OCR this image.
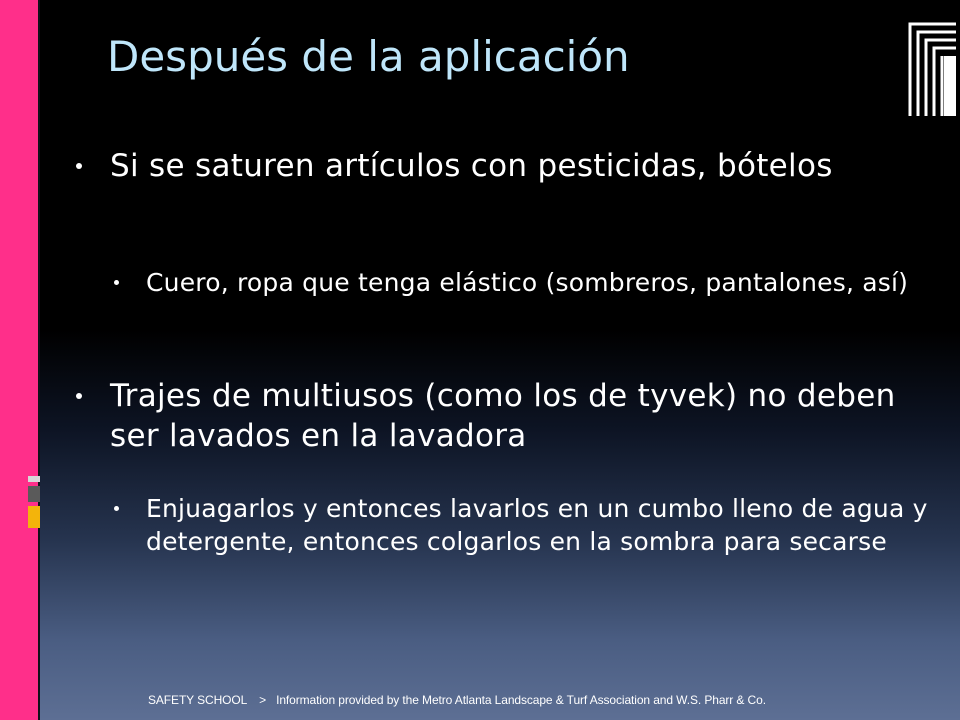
Después de la aplicación
Si se saturen artículos con pesticidas, bótelos
Cuero, ropa que tenga elástico (sombreros, pantalones, así)
Trajes de multiusos (como los de tyvek) no deben ser lavados en la lavadora
Enjuagarlos y entonces lavarlos en un cumbo lleno de agua y detergente, entonces colgarlos en la sombra para secarse
SAFETY SCHOOL > Information provided by the Metro Atlanta Landscape & Turf Association and W.S. Pharr & Co.
